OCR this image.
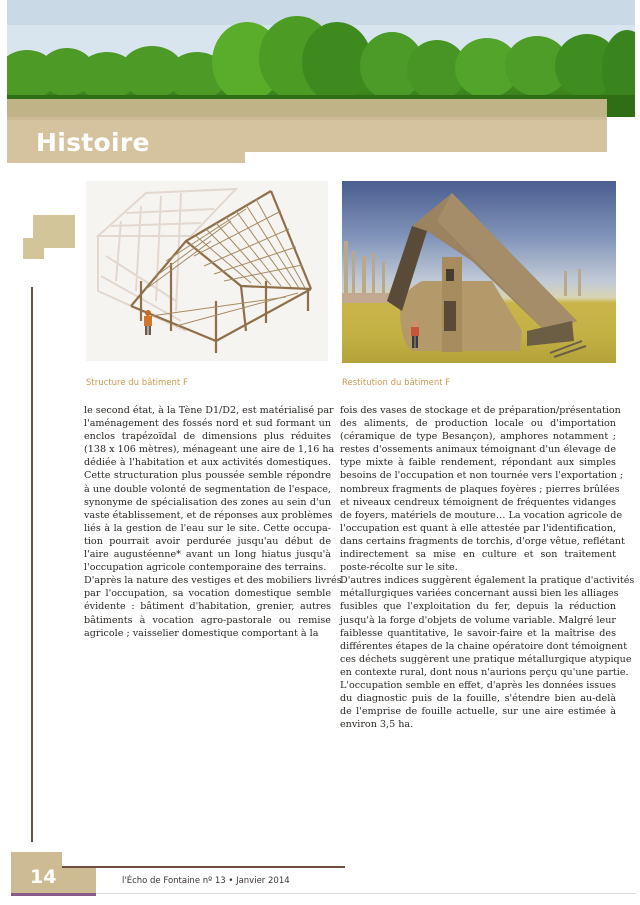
Histoire
Structure du bâtiment F	Restitution du bâtiment F
le second état, à la Tène D1/D2, est matérialisé par
l'aménagement des fossés nord et sud formant un
enclos trapézoïdal de dimensions plus réduites
(138 x 106 mètres), ménageant une aire de 1,16 ha
dédiée à l'habitation et aux activités domestiques.
Cette structuration plus poussée semble répondre
à une double volonté de segmentation de l'espace,
synonyme de spécialisation des zones au sein d'un
vaste établissement, et de réponses aux problèmes
liés à la gestion de l'eau sur le site. Cette occupa-
tion pourrait avoir perdurée jusqu'au début de
l'aire augustéenne* avant un long hiatus jusqu'à
l'occupation agricole contemporaine des terrains.
D'après la nature des vestiges et des mobiliers livrés
par l'occupation, sa vocation domestique semble
évidente : bâtiment d'habitation, grenier, autres
bâtiments à vocation agro-pastorale ou remise
agricole ; vaisselier domestique comportant à la
fois des vases de stockage et de préparation/présentation
des aliments, de production locale ou d'importation
(céramique de type Besançon), amphores notamment ;
restes d'ossements animaux témoignant d'un élevage de
type mixte à faible rendement, répondant aux simples
besoins de l'occupation et non tournée vers l'exportation ;
nombreux fragments de plaques foyères ; pierres brûlées
et niveaux cendreux témoignent de fréquentes vidanges
de foyers, matériels de mouture… La vocation agricole de
l'occupation est quant à elle attestée par l'identification,
dans certains fragments de torchis, d'orge vêtue, reflétant
indirectement sa mise en culture et son traitement
poste-récolte sur le site.
D'autres indices suggèrent également la pratique d'activités
métallurgiques variées concernant aussi bien les alliages
fusibles que l'exploitation du fer, depuis la réduction
jusqu'à la forge d'objets de volume variable. Malgré leur
faiblesse quantitative, le savoir-faire et la maîtrise des
différentes étapes de la chaine opératoire dont témoignent
ces déchets suggèrent une pratique métallurgique atypique
en contexte rural, dont nous n'aurions perçu qu'une partie.
L'occupation semble en effet, d'après les données issues
du diagnostic puis de la fouille, s'étendre bien au-delà
de l'emprise de fouille actuelle, sur une aire estimée à
environ 3,5 ha.
14	l'Écho de Fontaine nº 13 • Janvier 2014
